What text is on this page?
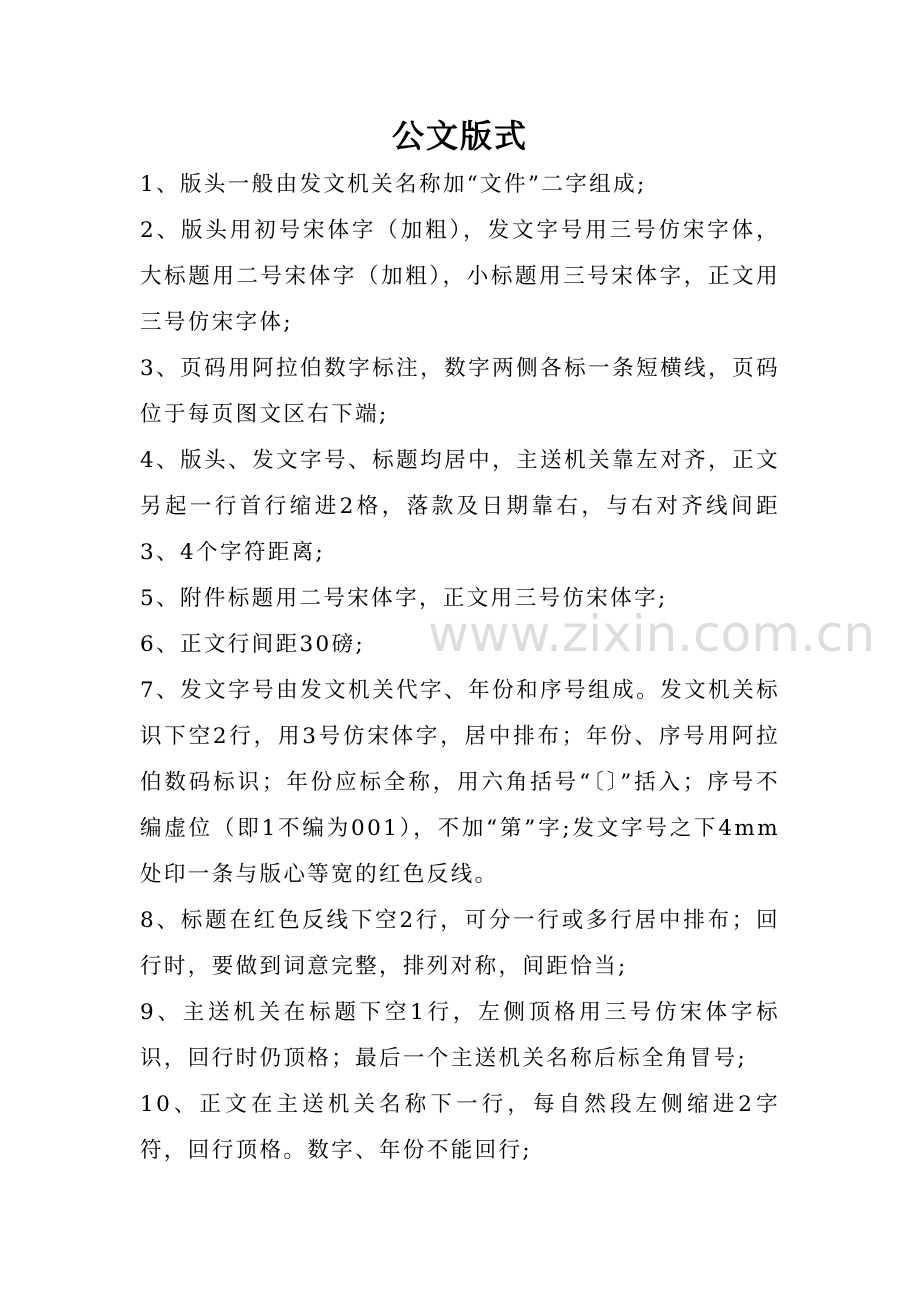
公文版式

1、版头一般由发文机关名称加“文件”二字组成;

2、版头用初号宋体字（加粗），发文字号用三号仿宋字体，大标题用二号宋体字（加粗），小标题用三号宋体字，正文用三号仿宋字体;

3、页码用阿拉伯数字标注，数字两侧各标一条短横线，页码位于每页图文区右下端;

4、版头、发文字号、标题均居中，主送机关靠左对齐，正文另起一行首行缩进2格，落款及日期靠右，与右对齐线间距3、4个字符距离;

5、附件标题用二号宋体字，正文用三号仿宋体字;

6、正文行间距30磅;

7、发文字号由发文机关代字、年份和序号组成。发文机关标识下空2行，用3号仿宋体字，居中排布；年份、序号用阿拉伯数码标识；年份应标全称，用六角括号“〔〕”括入；序号不编虚位（即1不编为001），不加“第”字;发文字号之下4mm处印一条与版心等宽的红色反线。

8、标题在红色反线下空2行，可分一行或多行居中排布；回行时，要做到词意完整，排列对称，间距恰当;

9、主送机关在标题下空1行，左侧顶格用三号仿宋体字标识，回行时仍顶格；最后一个主送机关名称后标全角冒号;

10、正文在主送机关名称下一行，每自然段左侧缩进2字符，回行顶格。数字、年份不能回行;

www.zixin.com.cn
